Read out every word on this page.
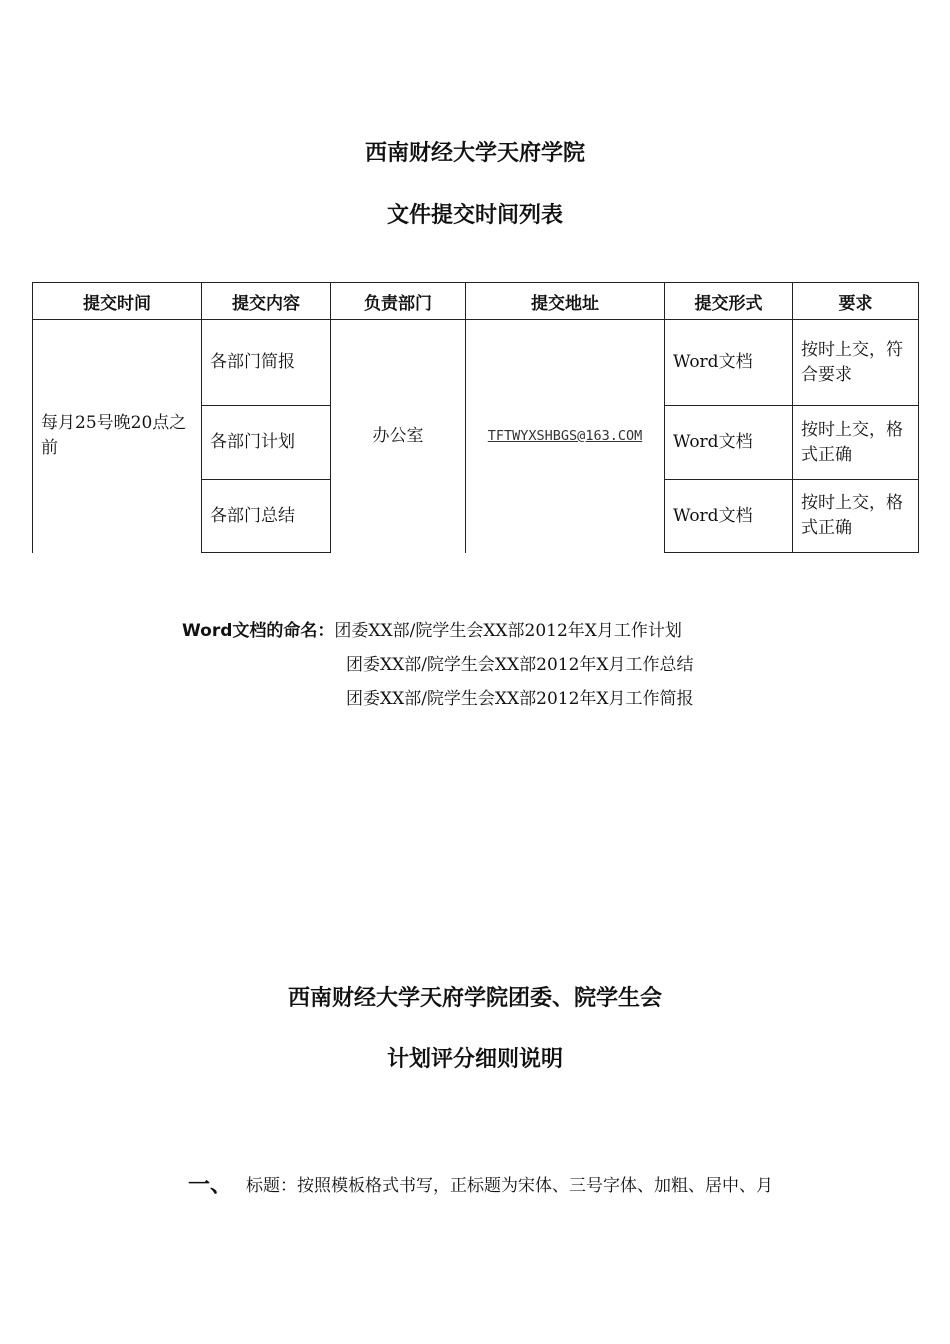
西南财经大学天府学院
文件提交时间列表
提交时间	提交内容	负责部门	提交地址	提交形式	要求
每月25号晚20点之前	各部门简报	办公室	TFTWYXSHBGS@163.COM	Word文档	按时上交，符合要求
	各部门计划			Word文档	按时上交，格式正确
	各部门总结			Word文档	按时上交，格式正确
Word文档的命名：团委XX部/院学生会XX部2012年X月工作计划
团委XX部/院学生会XX部2012年X月工作总结
团委XX部/院学生会XX部2012年X月工作简报
西南财经大学天府学院团委、院学生会
计划评分细则说明
一、 标题：按照模板格式书写，正标题为宋体、三号字体、加粗、居中、月
